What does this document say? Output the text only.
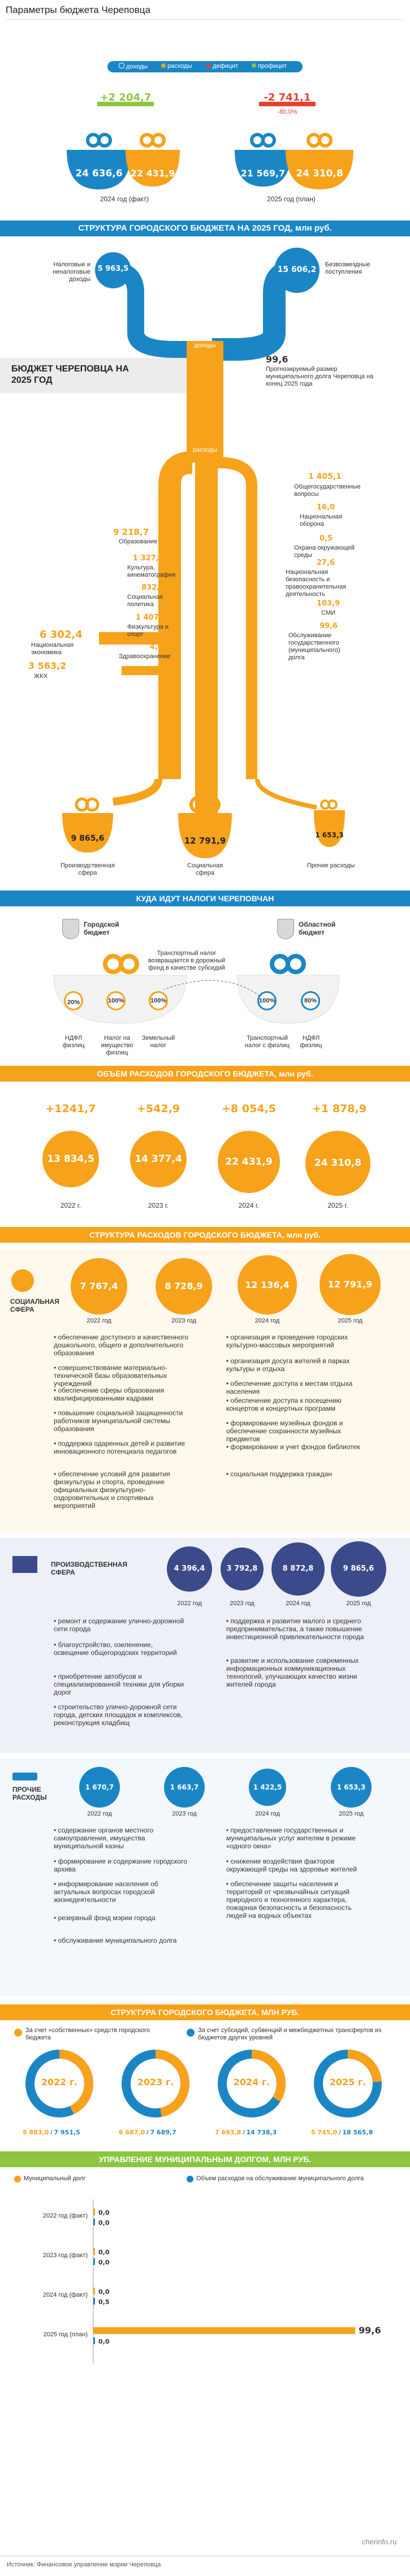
Параметры бюджета Череповца
доходы	расходы	дефицит	профицит
+2 204,7	-2 741,1
-80,0%
24 636,6 22 431,9	21 569,7	24 310,8
2024 год (факт)	2025 год (план)
СТРУКТУРА ГОРОДСКОГО БЮДЖЕТА НА 2025 ГОД, млн руб.
5 963,5
Налоговые и неналоговые доходы
15 606,2
Безвозмездные поступления
доходы
БЮДЖЕТ ЧЕРЕПОВЦА НА 2025 ГОД
99,6
Прогнозируемый размер муниципального долга Череповца на конец 2025 года
расходы
6 302,4
Национальная экономика
3 563,2
ЖКХ
9 218,7
Образование
1 327,9
Культура, кинематография
832,9
Социальная политика
1 407,5
Физкультура и спорт
4,9
Здравоохранение
1 405,1
Общегосударственные вопросы
16,0
Национальная оборона
0,5
Охрана окружающей среды
27,6
Национальная безопасность и правоохранительная деятельность
103,9
СМИ
99,6
Обслуживание государственного (муниципального) долга
9 865,6	12 791,9
1 653,3
Производственная сфера
Социальная сфера
Прочие расходы
КУДА ИДУТ НАЛОГИ ЧЕРЕПОВЧАН
Городской бюджет
Областной бюджет
Транспортный налог возвращается в дорожный фонд в качестве субсидий
20%	100%	100%	100%	80%
НДФЛ физлиц
Налог на имущество физлиц
Земельный налог
Транспортный налог с физлиц
НДФЛ физлиц
ОБЪЕМ РАСХОДОВ ГОРОДСКОГО БЮДЖЕТА, млн руб.
+1241,7	+542,9	+8 054,5	+1 878,9
13 834,5	14 377,4	22 431,9	24 310,8
2022 г.	2023 г.	2024 г.	2025 г.
СТРУКТУРА РАСХОДОВ ГОРОДСКОГО БЮДЖЕТА, млн руб.
СОЦИАЛЬНАЯ СФЕРА
7 767,4	8 728,9	12 136,4	12 791,9
2022 год	2023 год	2024 год	2025 год
• обеспечение доступного и качественного дошкольного, общего и дополнительного образования
• совершенствование материально-технической базы образовательных учреждений
• обеспечение сферы образования квалифицированными кадрами
• повышение социальной защищенности работников муниципальной системы образования
• поддержка одаренных детей и развитие инновационного потенциала педагогов
• обеспечение условий для развития физкультуры и спорта, проведение официальных физкультурно-оздоровительных и спортивных мероприятий
• организация и проведение городских культурно-массовых мероприятий
• организация досуга жителей в парках культуры и отдыха
• обеспечение доступа к местам отдыха населения
• обеспечение доступа к посещению концертов и концертных программ
• формирование музейных фондов и обеспечение сохранности музейных предметов
• формирование и учет фондов библиотек
• социальная поддержка граждан
ПРОИЗВОДСТВЕННАЯ СФЕРА	4 396,4	3 792,8	8 872,8	9 865,6
2022 год	2023 год	2024 год	2025 год
• ремонт и содержание улично-дорожной сети города
• благоустройство, озеленение, освещение общегородских территорий
• приобретение автобусов и специализированной техники для уборки дорог
• строительство улично-дорожной сети города, детских площадок и комплексов, реконструкция кладбищ
• поддержка и развитие малого и среднего предпринимательства, а также повышение инвестиционной привлекательности города
• развитие и использование современных информационных коммуникационных технологий, улучшающих качество жизни жителей города
ПРОЧИЕ РАСХОДЫ
1 670,7	1 663,7	1 422,5	1 653,3
2022 год	2023 год	2024 год	2025 год
• содержание органов местного самоуправления, имущества муниципальной казны
• формирование и содержание городского архива
• информирование населения об актуальных вопросах городской жизнедеятельности
• резервный фонд мэрии города
• обслуживание муниципального долга
• предоставление государственных и муниципальных услуг жителям в режиме «одного окна»
• снижение воздействия факторов окружающей среды на здоровье жителей
• обеспечение защиты населения и территорий от чрезвычайных ситуаций природного и техногенного характера, пожарная безопасность и безопасность людей на водных объектах
СТРУКТУРА ГОРОДСКОГО БЮДЖЕТА, МЛН РУБ.
За счет «собственных» средств городского бюджета
За счет субсидий, субвенций и межбюджетных трансфертов из бюджетов других уровней
2022 г.	2023 г.	2024 г.	2025 г.
5 883,0 / 7 951,5	6 687,0 / 7 689,7	7 693,8 / 14 738,3	5 745,0 / 18 565,8
УПРАВЛЕНИЕ МУНИЦИПАЛЬНЫМ ДОЛГОМ, МЛН РУБ.
Муниципальный долг	Объем расходов на обслуживание муниципального долга
2022 год (факт) 0,0
0,0
2023 год (факт) 0,0
0,0
2024 год (факт) 0,0
0,5
2025 год (план)	99,6
0,0
Источник: Финансовое управление мэрии Череповца
cherinfo.ru
